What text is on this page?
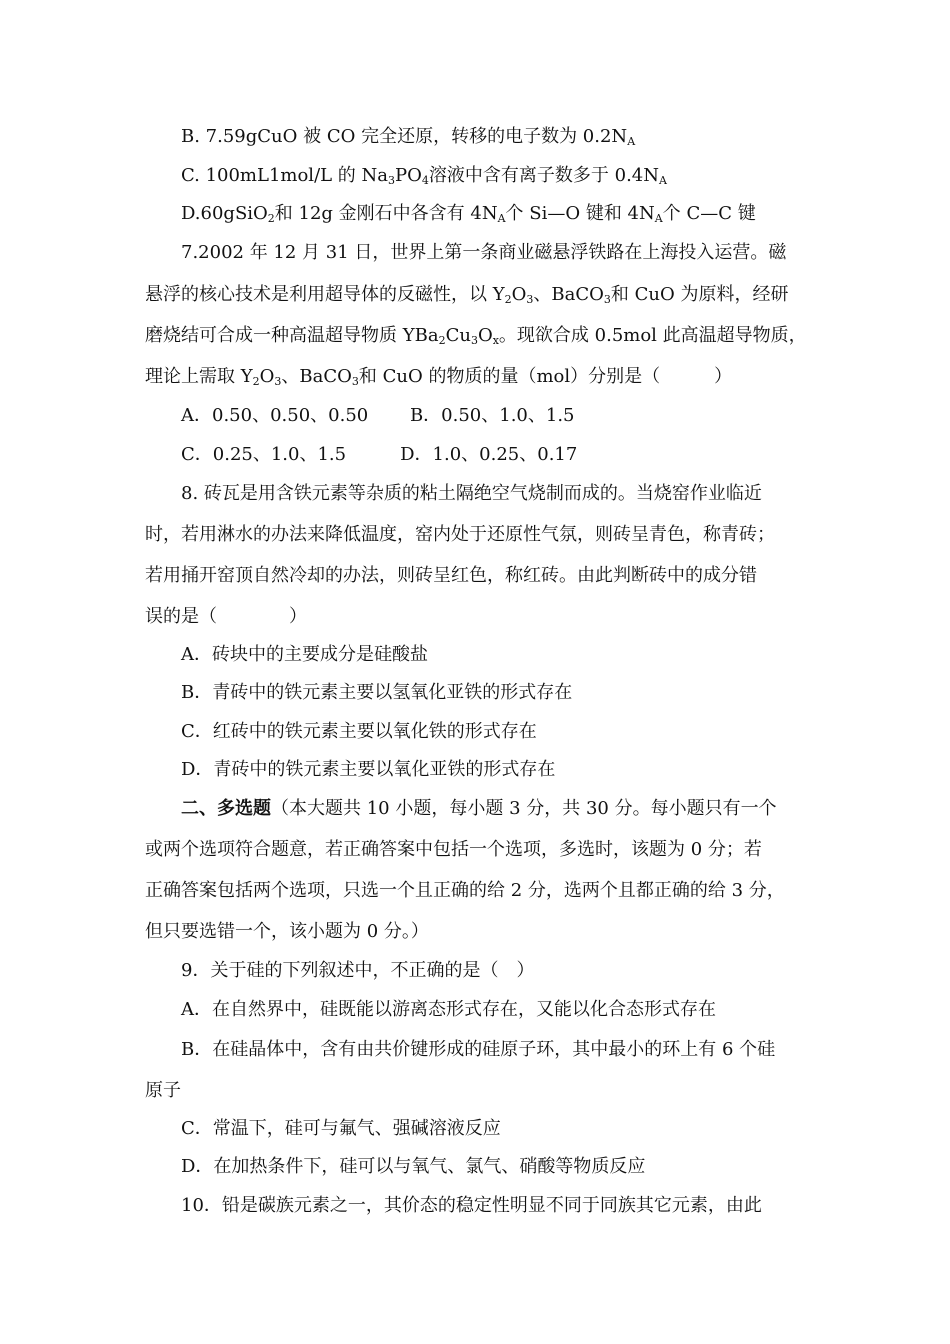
B. 7.59gCuO 被 CO 完全还原，转移的电子数为 $0.2N_A$
C. 100mL1mol/L 的 $Na_3PO_4$溶液中含有离子数多于 $0.4N_A$
D.60gSiO$_2$和 12g 金刚石中各含有 $4N_A$个 Si—O 键和 $4N_A$个 C—C 键
7.2002 年 12 月 31 日，世界上第一条商业磁悬浮铁路在上海投入运营。磁
悬浮的核心技术是利用超导体的反磁性，以 $Y_2O_3$、BaCO$_3$和 CuO 为原料，经研
磨烧结可合成一种高温超导物质 $YBa_2Cu_3O_x$。现欲合成 0.5mol 此高温超导物质，
理论上需取 $Y_2O_3$、BaCO$_3$和 CuO 的物质的量（mol）分别是（　　　）
A．0.50、0.50、0.50　　 B．0.50、1.0、1.5
C．0.25、1.0、1.5　　　D．1.0、0.25、0.17
8. 砖瓦是用含铁元素等杂质的粘土隔绝空气烧制而成的。当烧窑作业临近
时，若用淋水的办法来降低温度，窑内处于还原性气氛，则砖呈青色，称青砖；
若用捅开窑顶自然冷却的办法，则砖呈红色，称红砖。由此判断砖中的成分错
误的是（　　　　）
A．砖块中的主要成分是硅酸盐
B．青砖中的铁元素主要以氢氧化亚铁的形式存在
C．红砖中的铁元素主要以氧化铁的形式存在
D．青砖中的铁元素主要以氧化亚铁的形式存在
二、多选题（本大题共 10 小题，每小题 3 分，共 30 分。每小题只有一个
或两个选项符合题意，若正确答案中包括一个选项，多选时，该题为 0 分；若
正确答案包括两个选项，只选一个且正确的给 2 分，选两个且都正确的给 3 分，
但只要选错一个，该小题为 0 分。）
9．关于硅的下列叙述中，不正确的是（　）
A．在自然界中，硅既能以游离态形式存在，又能以化合态形式存在
B．在硅晶体中，含有由共价键形成的硅原子环，其中最小的环上有 6 个硅
原子
C．常温下，硅可与氟气、强碱溶液反应
D．在加热条件下，硅可以与氧气、氯气、硝酸等物质反应
10．铅是碳族元素之一，其价态的稳定性明显不同于同族其它元素，由此
